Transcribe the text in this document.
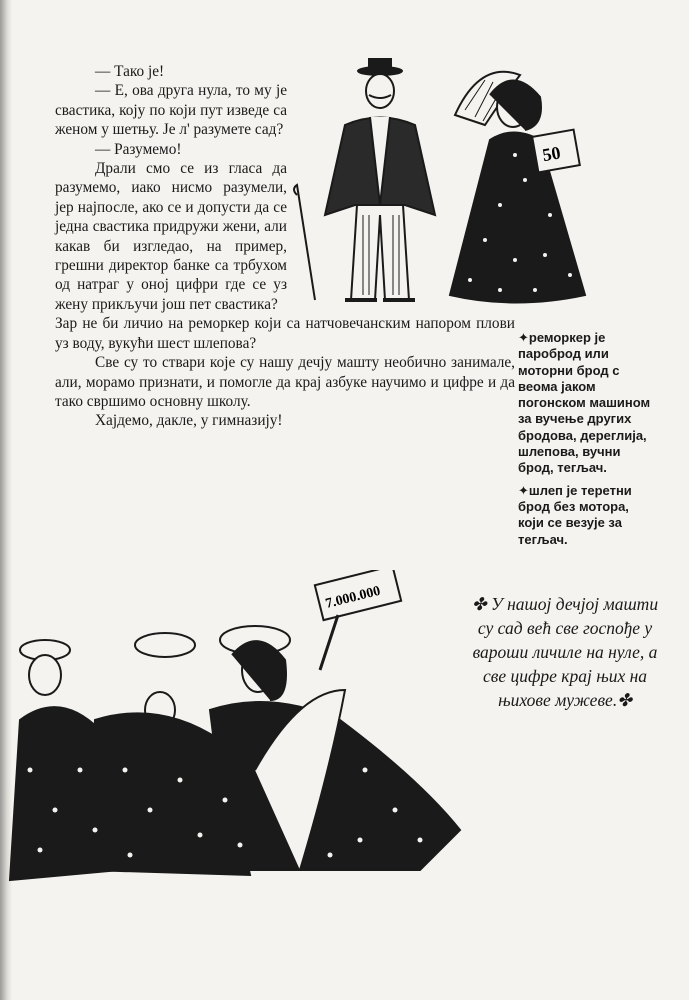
50

— Тако је!

— Е, ова друга нула, то му је свастика, коју по који пут изведе са женом у шетњу. Је л' разумете сад?

— Разумемо!

Драли смо се из гласа да разумемо, иако нисмо разумели, јер најпосле, ако се и допусти да се једна свастика придружи жени, али какав би изгледао, на пример, грешни директор банке са трбухом од натраг у оној цифри где се уз жену прикључи још пет свастика?

Зар не би личио на реморкер који са натчовечанским напором плови уз воду, вукући шест шлепова?

Све су то ствари које су нашу дечју машту необично занимале, али, морамо признати, и помогле да крај азбуке научимо и цифре и да тако свршимо основну школу.

Хајдемо, дакле, у гимназију!

✦реморкер је пароброд или моторни брод с веома јаком погонском машином за вучење других бродова, дереглија, шлепова, вучни брод, тегљач.
✦шлеп је теретни брод без мотора, који се везује за тегљач.
7.000.000	✤ У нашој дечјој машти су сад већ све госпође у вароши личиле на нуле, а све цифре крај њих на њихове мужеве.✤
